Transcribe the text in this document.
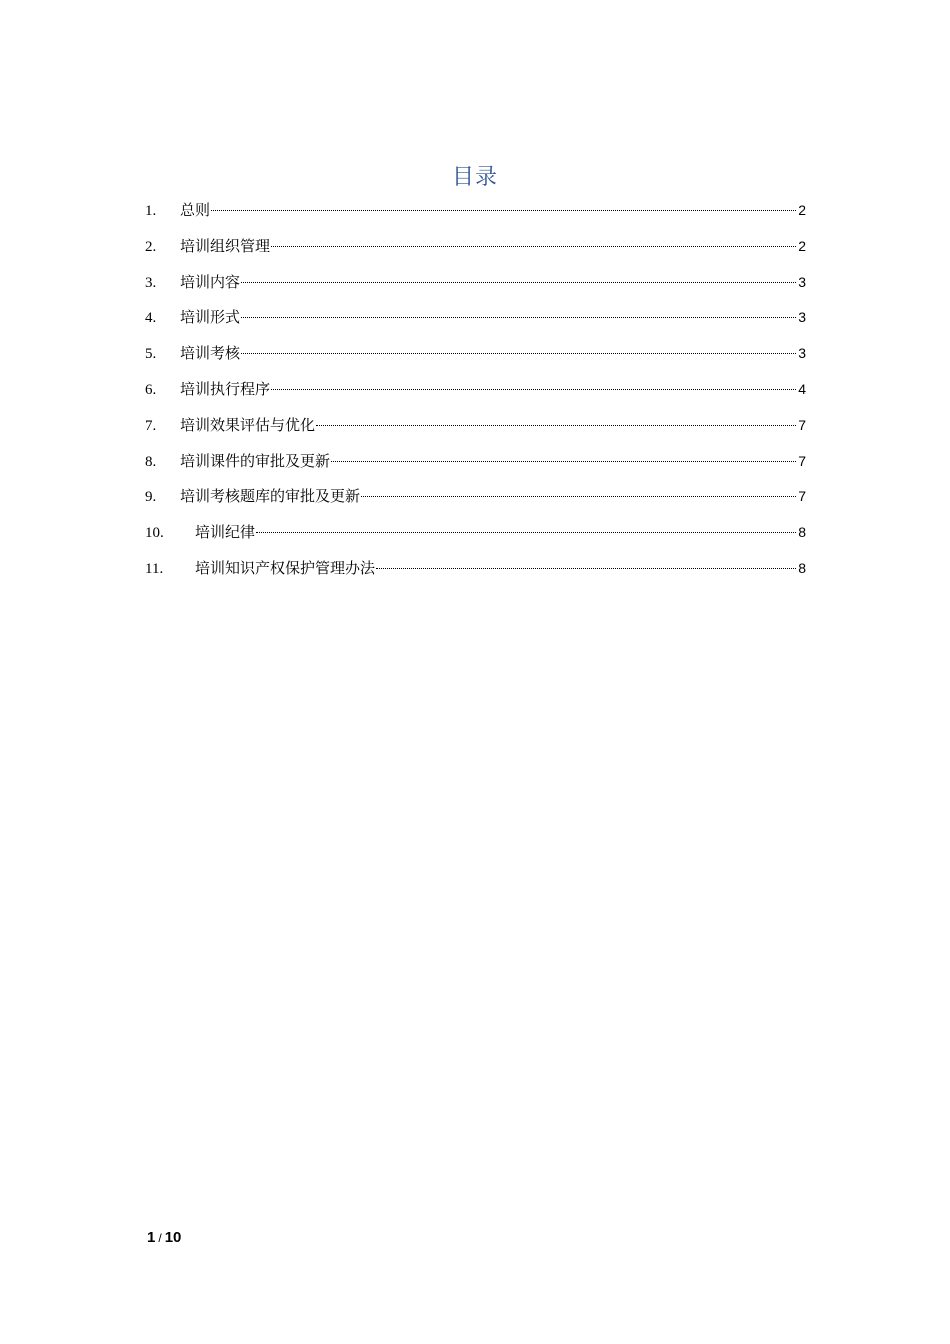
目录
1.	总则	2
2.	培训组织管理	2
3.	培训内容	3
4.	培训形式	3
5.	培训考核	3
6.	培训执行程序	4
7.	培训效果评估与优化	7
8.	培训课件的审批及更新	7
9.	培训考核题库的审批及更新	7
10.	培训纪律	8
11.	培训知识产权保护管理办法	8
1 / 10
